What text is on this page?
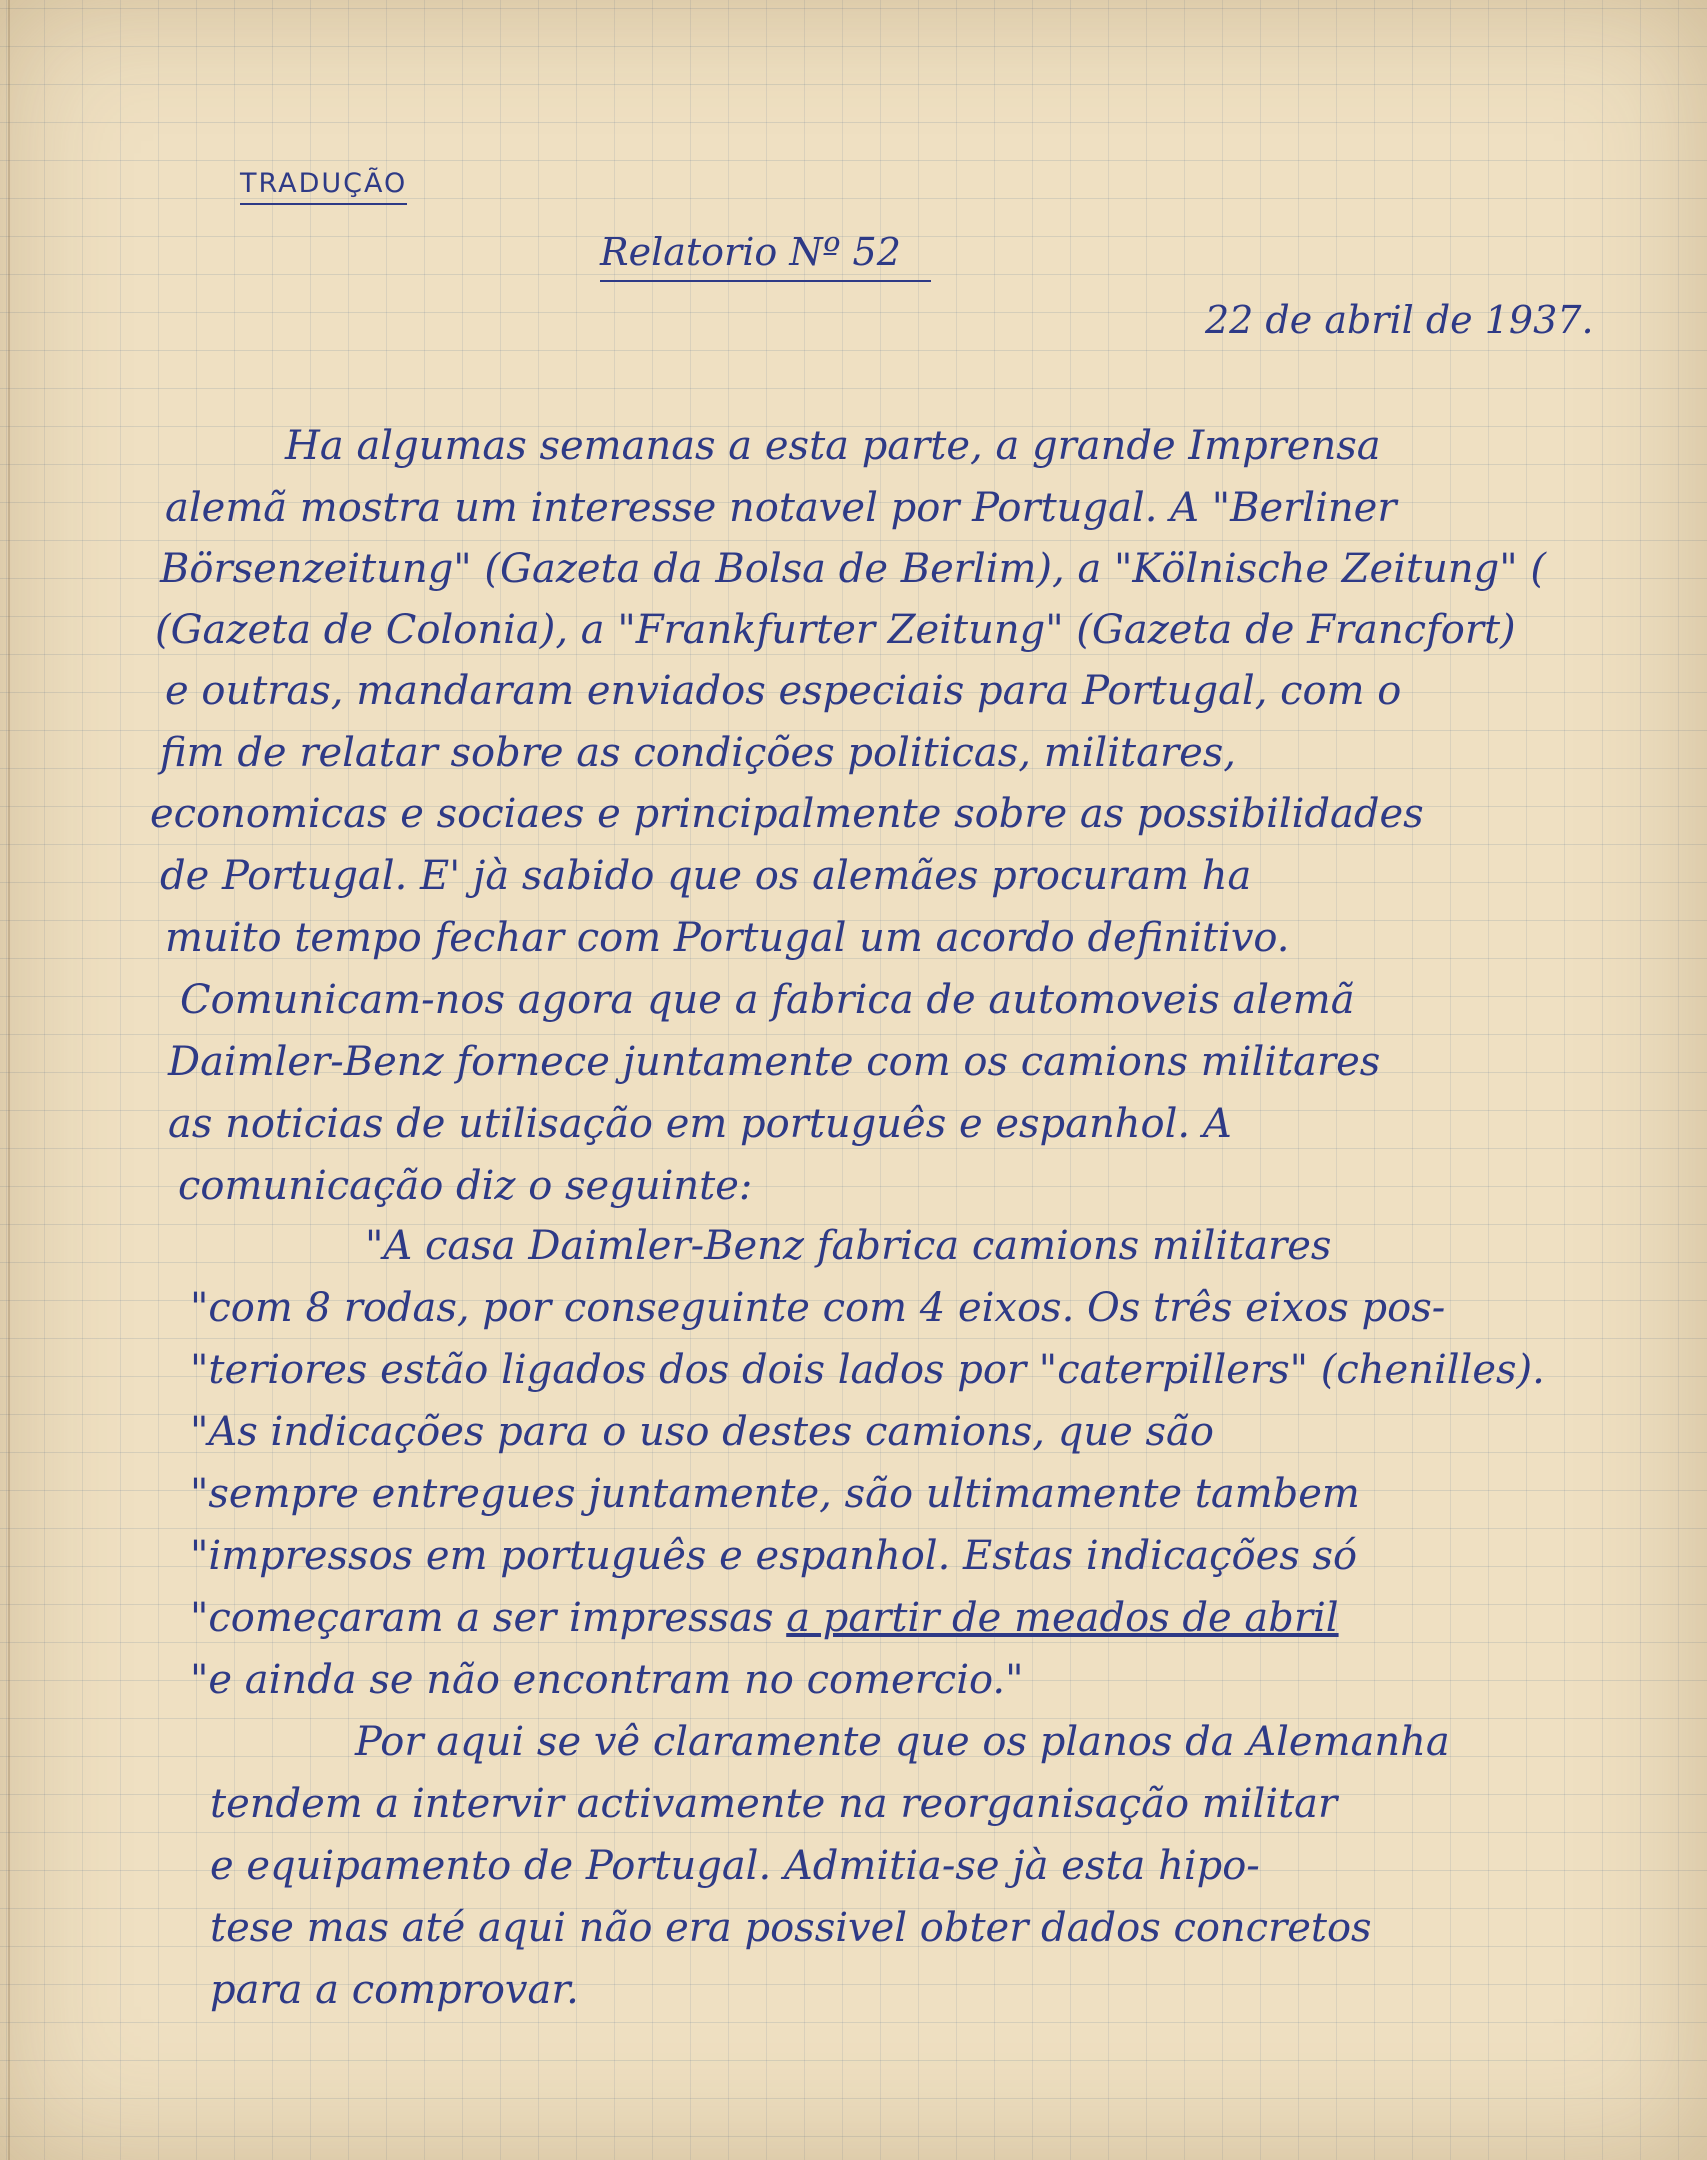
TRADUÇÃO
Relatorio Nº 52
22 de abril de 1937.

Ha algumas semanas a esta parte, a grande Imprensa

alemã mostra um interesse notavel por Portugal. A "Berliner

Börsenzeitung" (Gazeta da Bolsa de Berlim), a "Kölnische Zeitung" (

(Gazeta de Colonia), a "Frankfurter Zeitung" (Gazeta de Francfort)

e outras, mandaram enviados especiais para Portugal, com o

fim de relatar sobre as condições politicas, militares,

economicas e sociaes e principalmente sobre as possibilidades

de Portugal. E' jà sabido que os alemães procuram ha

muito tempo fechar com Portugal um acordo definitivo.

Comunicam-nos agora que a fabrica de automoveis alemã

Daimler-Benz fornece juntamente com os camions militares

as noticias de utilisação em português e espanhol. A

comunicação diz o seguinte:

"A casa Daimler-Benz fabrica camions militares

"com 8 rodas, por conseguinte com 4 eixos. Os três eixos pos-

"teriores estão ligados dos dois lados por "caterpillers" (chenilles).

"As indicações para o uso destes camions, que são

"sempre entregues juntamente, são ultimamente tambem

"impressos em português e espanhol. Estas indicações só

"começaram a ser impressas a partir de meados de abril

"e ainda se não encontram no comercio."

Por aqui se vê claramente que os planos da Alemanha

tendem a intervir activamente na reorganisação militar

e equipamento de Portugal. Admitia-se jà esta hipo-

tese mas até aqui não era possivel obter dados concretos

para a comprovar.
